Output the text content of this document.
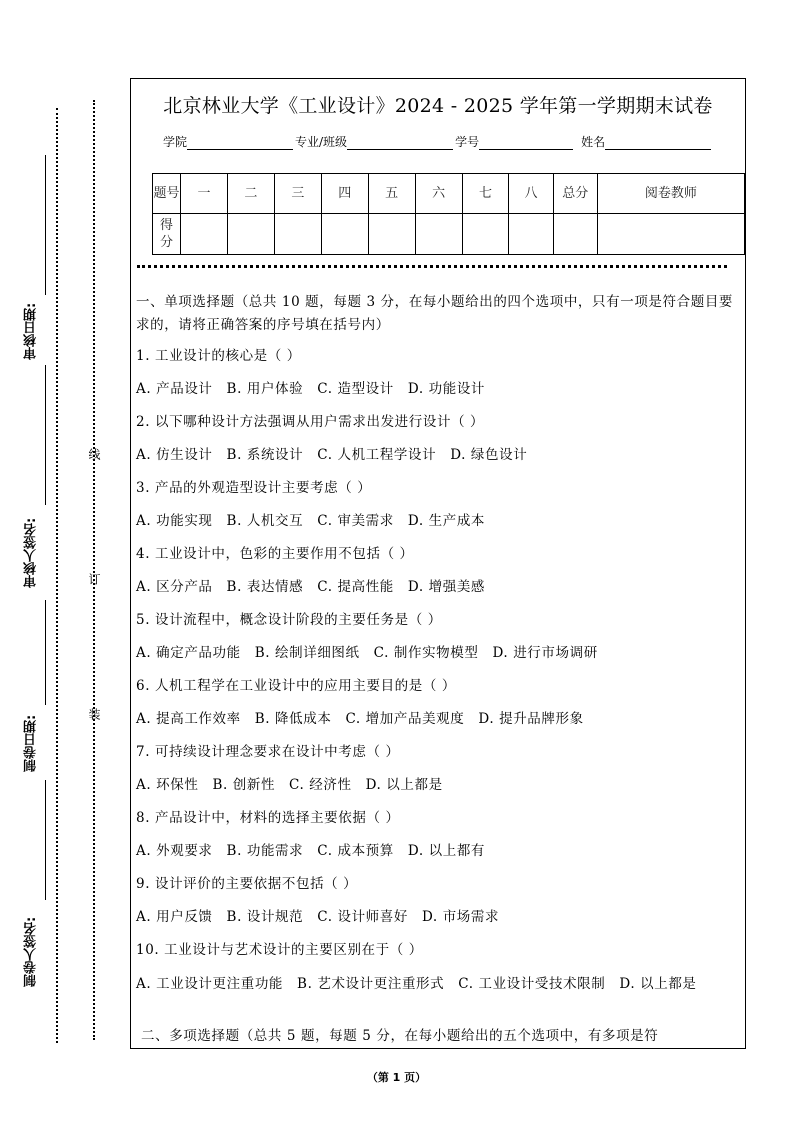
审核日期:
审核人签名:
制卷日期:
制卷人签名:
线
订
装
北京林业大学《工业设计》2024 - 2025 学年第一学期期末试卷
学院	专业/班级	学号	姓名
题号	一	二	三	四	五	六	七	八	总分	阅卷教师
得分										
一、单项选择题（总共 10 题，每题 3 分，在每小题给出的四个选项中，只有一项是符合题目要求的，请将正确答案的序号填在括号内）
1. 工业设计的核心是（ ）
A. 产品设计 B. 用户体验 C. 造型设计 D. 功能设计
2. 以下哪种设计方法强调从用户需求出发进行设计（ ）
A. 仿生设计 B. 系统设计 C. 人机工程学设计 D. 绿色设计
3. 产品的外观造型设计主要考虑（ ）
A. 功能实现 B. 人机交互 C. 审美需求 D. 生产成本
4. 工业设计中，色彩的主要作用不包括（ ）
A. 区分产品 B. 表达情感 C. 提高性能 D. 增强美感
5. 设计流程中，概念设计阶段的主要任务是（ ）
A. 确定产品功能 B. 绘制详细图纸 C. 制作实物模型 D. 进行市场调研
6. 人机工程学在工业设计中的应用主要目的是（ ）
A. 提高工作效率 B. 降低成本 C. 增加产品美观度 D. 提升品牌形象
7. 可持续设计理念要求在设计中考虑（ ）
A. 环保性 B. 创新性 C. 经济性 D. 以上都是
8. 产品设计中，材料的选择主要依据（ ）
A. 外观要求 B. 功能需求 C. 成本预算 D. 以上都有
9. 设计评价的主要依据不包括（ ）
A. 用户反馈 B. 设计规范 C. 设计师喜好 D. 市场需求
10. 工业设计与艺术设计的主要区别在于（ ）
A. 工业设计更注重功能 B. 艺术设计更注重形式 C. 工业设计受技术限制 D. 以上都是
二、多项选择题（总共 5 题，每题 5 分，在每小题给出的五个选项中，有多项是符
（第 1 页）
